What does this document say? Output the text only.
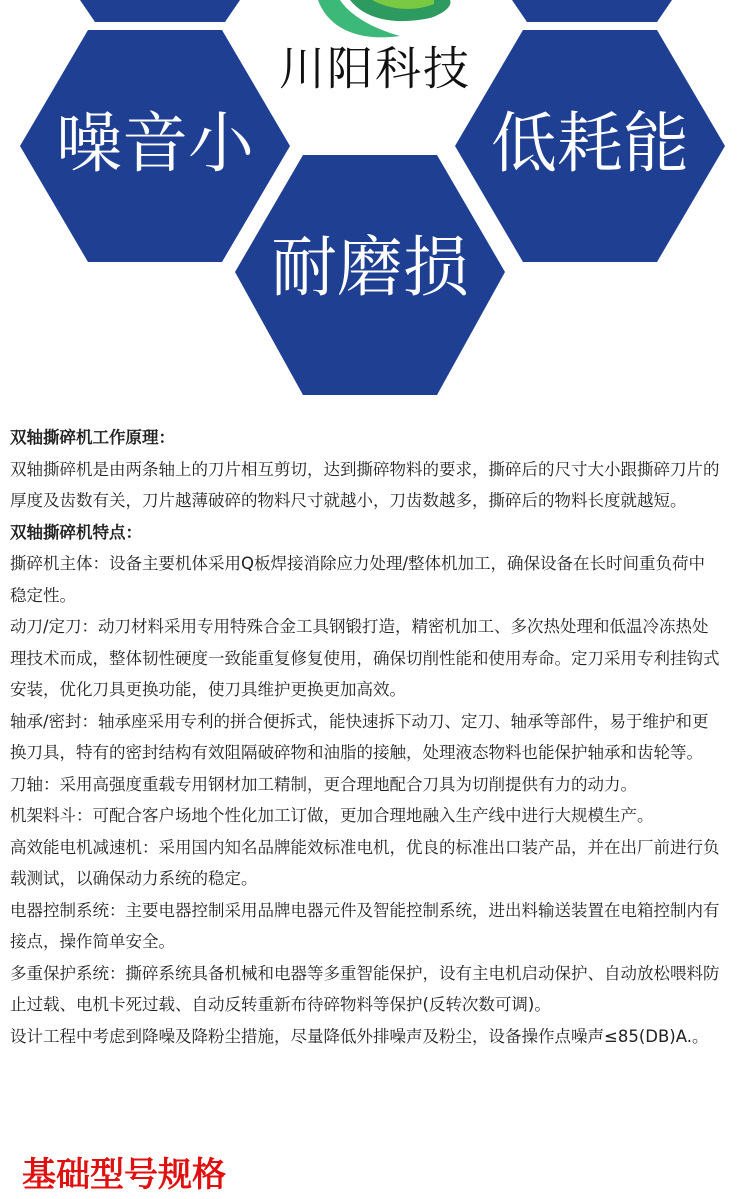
川阳科技
噪音小	低耗能
耐磨损

双轴撕碎机工作原理：

双轴撕碎机是由两条轴上的刀片相互剪切，达到撕碎物料的要求，撕碎后的尺寸大小跟撕碎刀片的厚度及齿数有关，刀片越薄破碎的物料尺寸就越小，刀齿数越多，撕碎后的物料长度就越短。

双轴撕碎机特点：

撕碎机主体：设备主要机体采用Q板焊接消除应力处理/整体机加工，确保设备在长时间重负荷中稳定性。

动刀/定刀：动刀材料采用专用特殊合金工具钢锻打造，精密机加工、多次热处理和低温冷冻热处理技术而成，整体韧性硬度一致能重复修复使用，确保切削性能和使用寿命。定刀采用专利挂钩式安装，优化刀具更换功能，使刀具维护更换更加高效。

轴承/密封：轴承座采用专利的拼合便拆式，能快速拆下动刀、定刀、轴承等部件，易于维护和更换刀具，特有的密封结构有效阻隔破碎物和油脂的接触，处理液态物料也能保护轴承和齿轮等。

刀轴：采用高强度重载专用钢材加工精制，更合理地配合刀具为切削提供有力的动力。

机架料斗：可配合客户场地个性化加工订做，更加合理地融入生产线中进行大规模生产。

高效能电机减速机：采用国内知名品牌能效标准电机，优良的标准出口装产品，并在出厂前进行负载测试，以确保动力系统的稳定。

电器控制系统：主要电器控制采用品牌电器元件及智能控制系统，进出料输送装置在电箱控制内有接点，操作简单安全。

多重保护系统：撕碎系统具备机械和电器等多重智能保护，设有主电机启动保护、自动放松喂料防止过载、电机卡死过载、自动反转重新布待碎物料等保护(反转次数可调)。

设计工程中考虑到降噪及降粉尘措施，尽量降低外排噪声及粉尘，设备操作点噪声≤85(DB)A.。

基础型号规格
